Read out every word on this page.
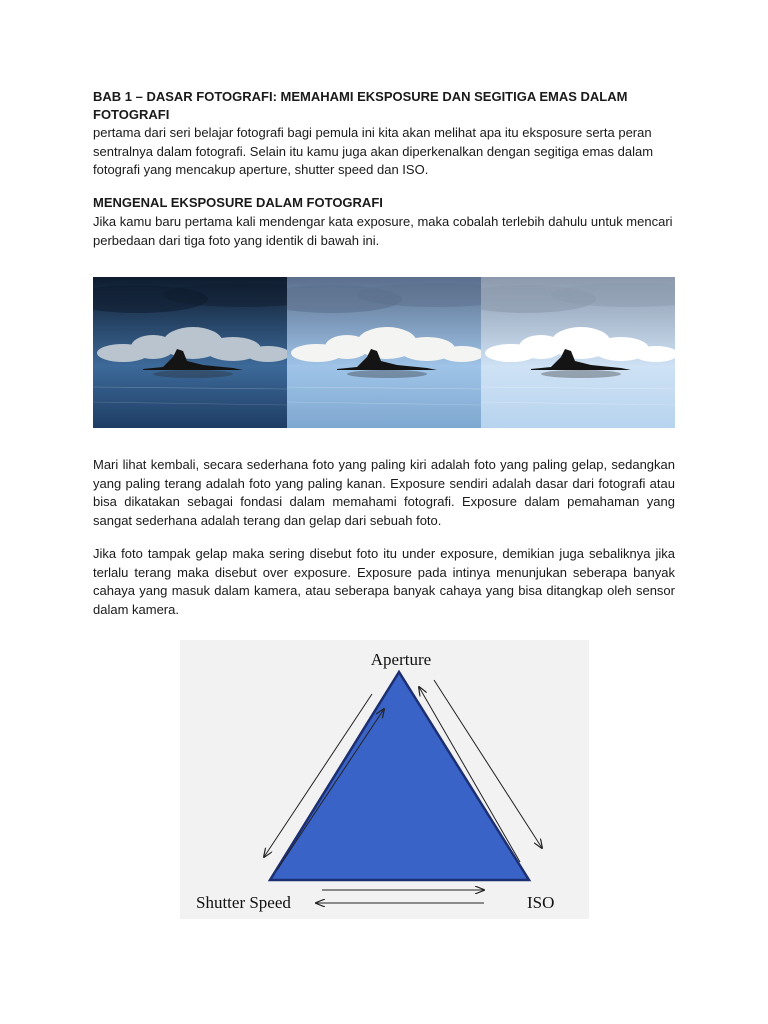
BAB 1 – DASAR FOTOGRAFI: MEMAHAMI EKSPOSURE DAN SEGITIGA EMAS DALAM FOTOGRAFI
pertama dari seri belajar fotografi bagi pemula ini kita akan melihat apa itu eksposure serta peran sentralnya dalam fotografi. Selain itu kamu juga akan diperkenalkan dengan segitiga emas dalam fotografi yang mencakup aperture, shutter speed dan ISO.
MENGENAL EKSPOSURE DALAM FOTOGRAFI
Jika kamu baru pertama kali mendengar kata exposure, maka cobalah terlebih dahulu untuk mencari perbedaan dari tiga foto yang identik di bawah ini.

Mari lihat kembali, secara sederhana foto yang paling kiri adalah foto yang paling gelap, sedangkan yang paling terang adalah foto yang paling kanan. Exposure sendiri adalah dasar dari fotografi atau bisa dikatakan sebagai fondasi dalam memahami fotografi. Exposure dalam pemahaman yang sangat sederhana adalah terang dan gelap dari sebuah foto.

Jika foto tampak gelap maka sering disebut foto itu under exposure, demikian juga sebaliknya jika terlalu terang maka disebut over exposure. Exposure pada intinya menunjukan seberapa banyak cahaya yang masuk dalam kamera, atau seberapa banyak cahaya yang bisa ditangkap oleh sensor dalam kamera.

Aperture
Shutter Speed	ISO
